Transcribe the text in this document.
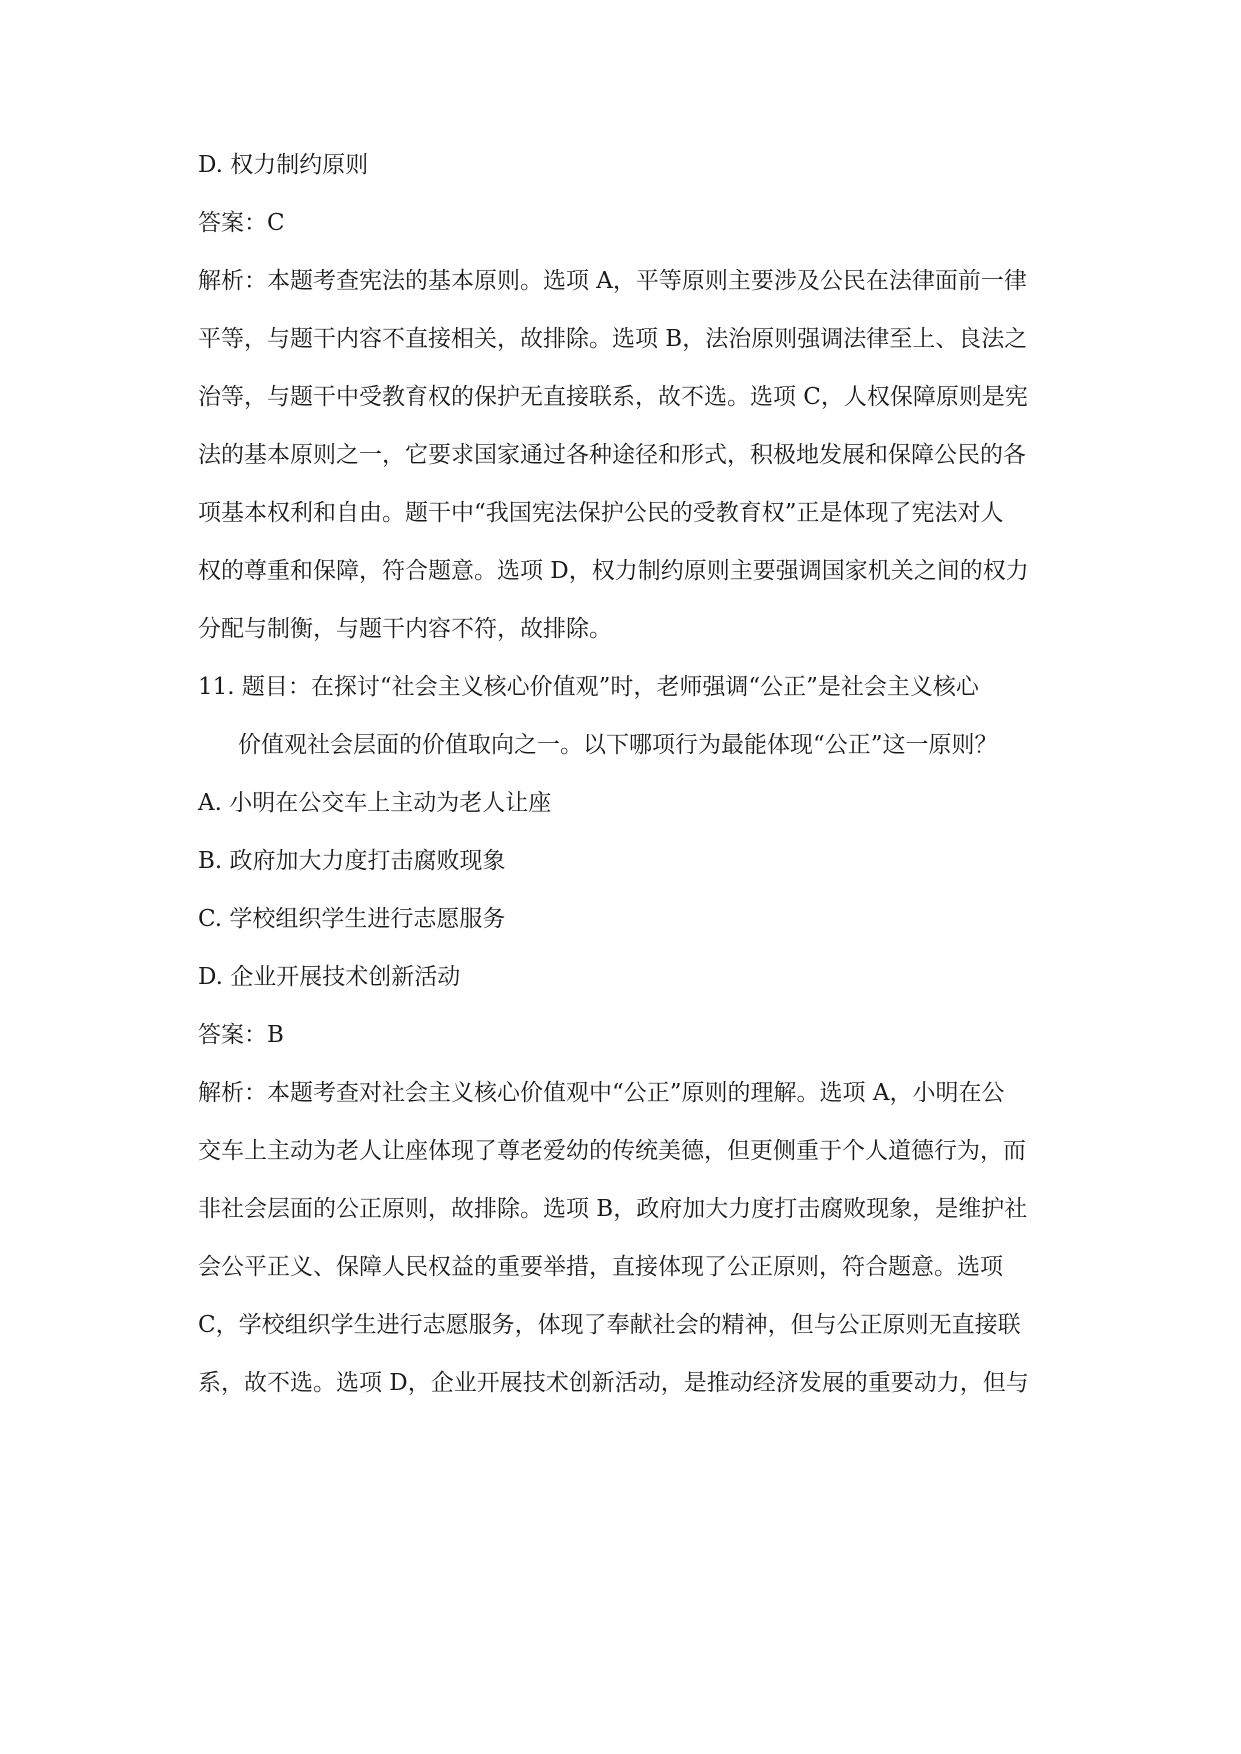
D. 权力制约原则
答案：C
解析：本题考查宪法的基本原则。选项 A，平等原则主要涉及公民在法律面前一律
平等，与题干内容不直接相关，故排除。选项 B，法治原则强调法律至上、良法之
治等，与题干中受教育权的保护无直接联系，故不选。选项 C，人权保障原则是宪
法的基本原则之一，它要求国家通过各种途径和形式，积极地发展和保障公民的各
项基本权利和自由。题干中“我国宪法保护公民的受教育权”正是体现了宪法对人
权的尊重和保障，符合题意。选项 D，权力制约原则主要强调国家机关之间的权力
分配与制衡，与题干内容不符，故排除。
11. 题目：在探讨“社会主义核心价值观”时，老师强调“公正”是社会主义核心
价值观社会层面的价值取向之一。以下哪项行为最能体现“公正”这一原则？
A. 小明在公交车上主动为老人让座
B. 政府加大力度打击腐败现象
C. 学校组织学生进行志愿服务
D. 企业开展技术创新活动
答案：B
解析：本题考查对社会主义核心价值观中“公正”原则的理解。选项 A，小明在公
交车上主动为老人让座体现了尊老爱幼的传统美德，但更侧重于个人道德行为，而
非社会层面的公正原则，故排除。选项 B，政府加大力度打击腐败现象，是维护社
会公平正义、保障人民权益的重要举措，直接体现了公正原则，符合题意。选项
C，学校组织学生进行志愿服务，体现了奉献社会的精神，但与公正原则无直接联
系，故不选。选项 D，企业开展技术创新活动，是推动经济发展的重要动力，但与
